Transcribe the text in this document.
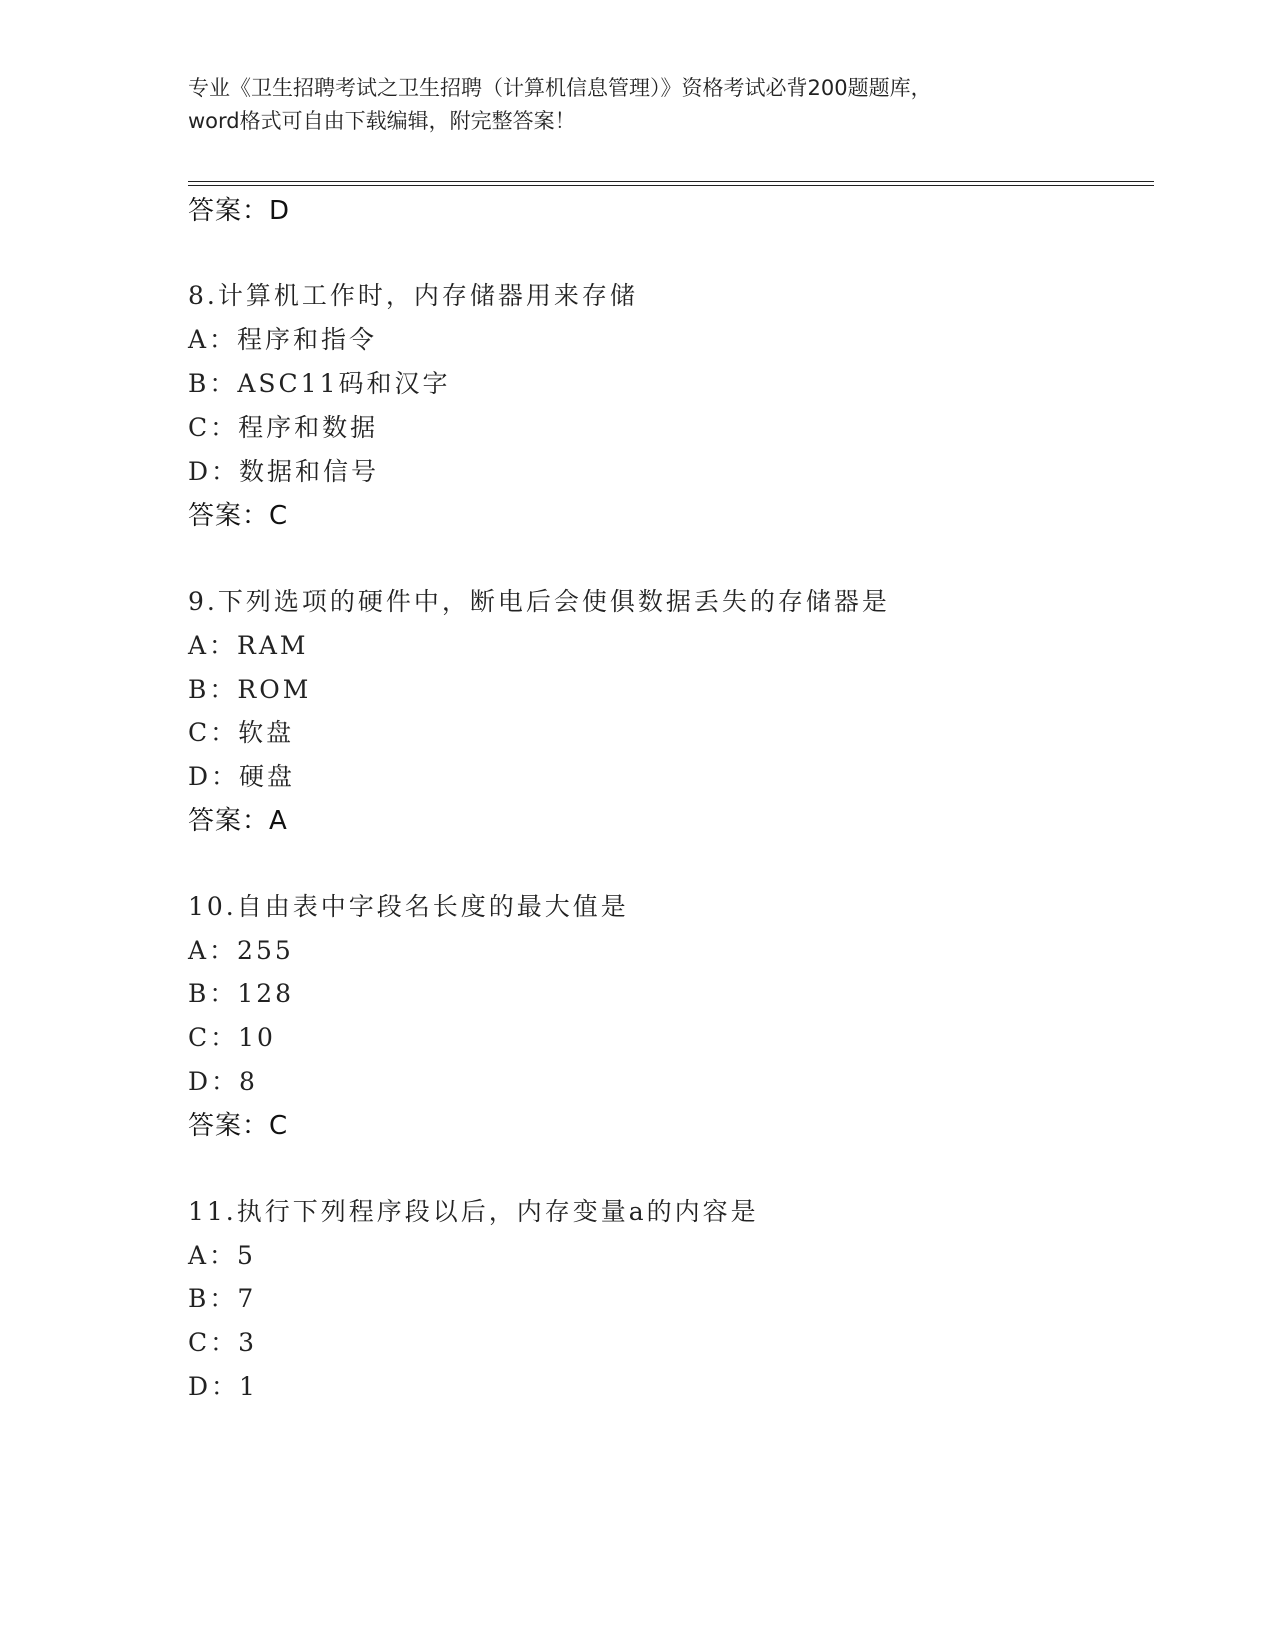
专业《卫生招聘考试之卫生招聘（计算机信息管理）》资格考试必背200题题库，
word格式可自由下载编辑，附完整答案！
答案：D
8.计算机工作时，内存储器用来存储
A：程序和指令
B：ASC11码和汉字
C：程序和数据
D：数据和信号
答案：C
9.下列选项的硬件中，断电后会使俱数据丢失的存储器是
A：RAM
B：ROM
C：软盘
D：硬盘
答案：A
10.自由表中字段名长度的最大值是
A：255
B：128
C：10
D：8
答案：C
11.执行下列程序段以后，内存变量a的内容是
A：5
B：7
C：3
D：1
